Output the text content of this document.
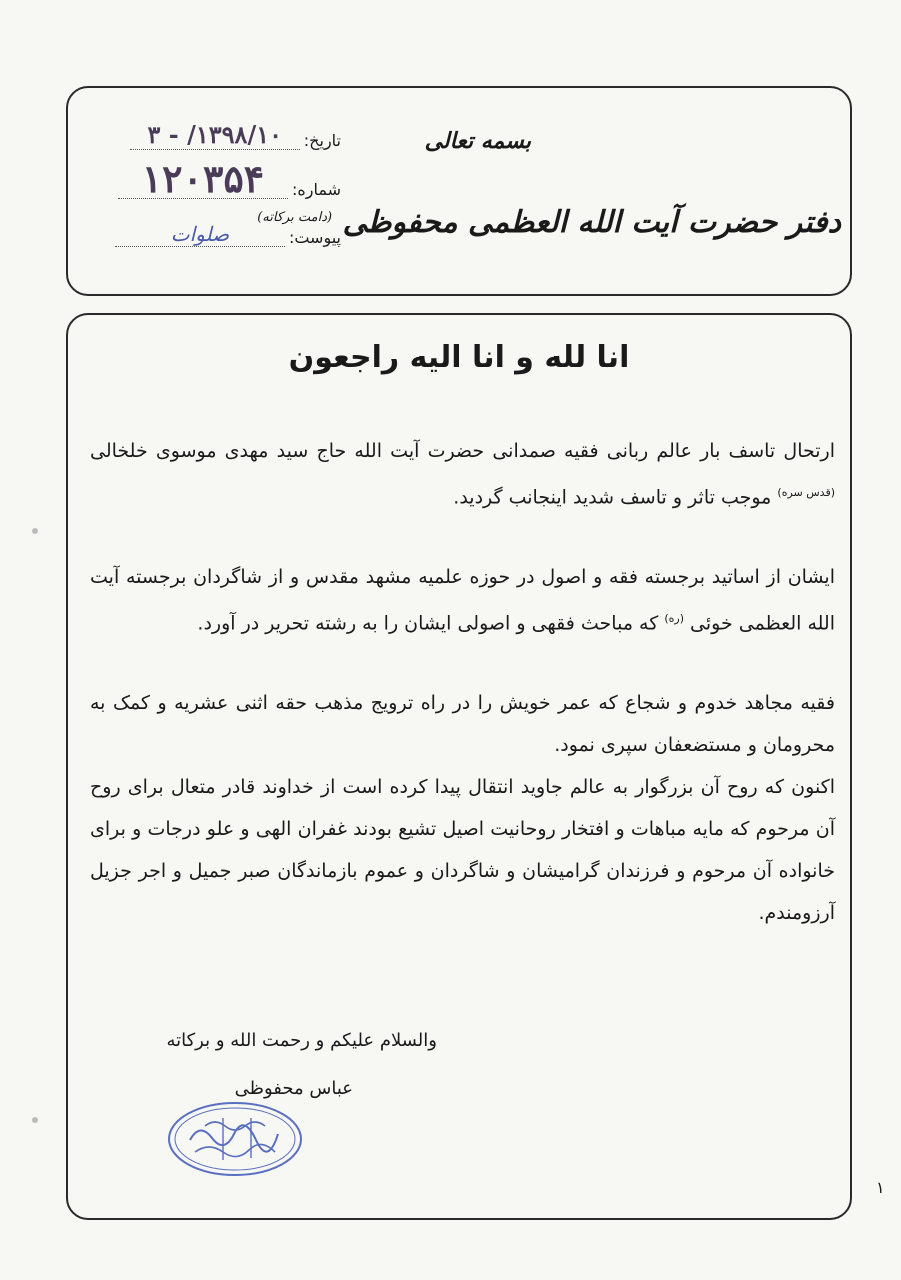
بسمه تعالی
دفتر حضرت آیت الله العظمی محفوظی $^{(دامت برکاته)}$
تاریخ:
۱۳۹۸/۱۰/ - ۳
شماره:
۱۲۰۳۵۴
پیوست:
صلوات
انا لله و انا الیه راجعون
ارتحال تاسف بار عالم ربانی فقیه صمدانی حضرت آیت الله حاج سید مهدی موسوی خلخالی $^{(قدس سره)}$ موجب تاثر و تاسف شدید اینجانب گردید.
ایشان از اساتید برجسته فقه و اصول در حوزه علمیه مشهد مقدس و از شاگردان برجسته آیت الله العظمی خوئی $^{(ره)}$ که مباحث فقهی و اصولی ایشان را به رشته تحریر در آورد.
فقیه مجاهد خدوم و شجاع که عمر خویش را در راه ترویج مذهب حقه اثنی عشریه و کمک به محرومان و مستضعفان سپری نمود.
اکنون که روح آن بزرگوار به عالم جاوید انتقال پیدا کرده است از خداوند قادر متعال برای روح آن مرحوم که مایه مباهات و افتخار روحانیت اصیل تشیع بودند غفران الهی و علو درجات و برای خانواده آن مرحوم و فرزندان گرامیشان و شاگردان و عموم بازماندگان صبر جمیل و اجر جزیل آرزومندم.
والسلام علیکم و رحمت الله و برکاته
عباس محفوظی
۱
